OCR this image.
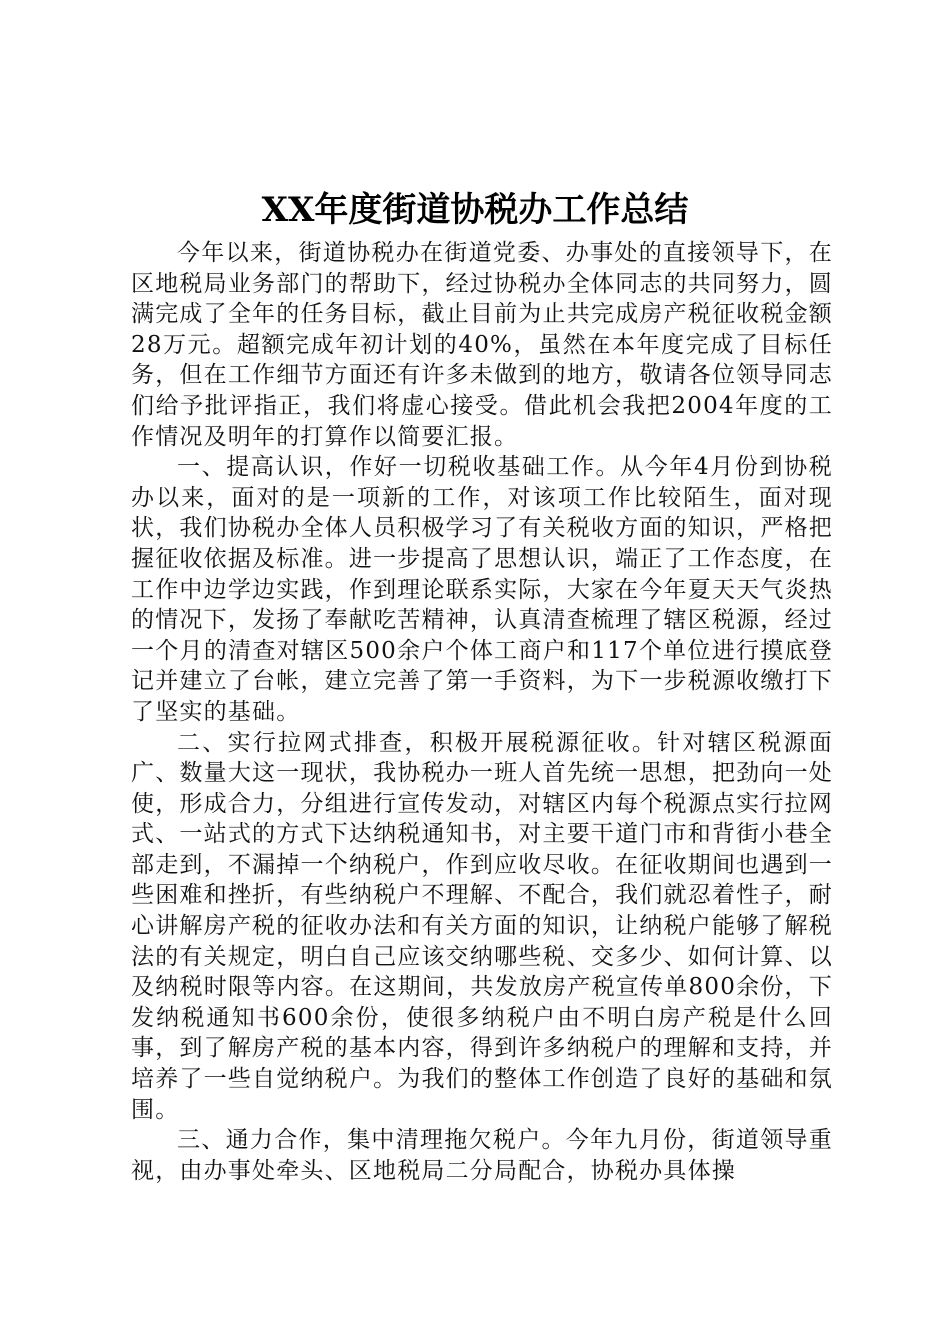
XX年度街道协税办工作总结

今年以来，街道协税办在街道党委、办事处的直接领导下，在区地税局业务部门的帮助下，经过协税办全体同志的共同努力，圆满完成了全年的任务目标，截止目前为止共完成房产税征收税金额28万元。超额完成年初计划的40%，虽然在本年度完成了目标任务，但在工作细节方面还有许多未做到的地方，敬请各位领导同志们给予批评指正，我们将虚心接受。借此机会我把2004年度的工作情况及明年的打算作以简要汇报。

一、提高认识，作好一切税收基础工作。从今年4月份到协税办以来，面对的是一项新的工作，对该项工作比较陌生，面对现状，我们协税办全体人员积极学习了有关税收方面的知识，严格把握征收依据及标准。进一步提高了思想认识，端正了工作态度，在工作中边学边实践，作到理论联系实际，大家在今年夏天天气炎热的情况下，发扬了奉献吃苦精神，认真清查梳理了辖区税源，经过一个月的清查对辖区500余户个体工商户和117个单位进行摸底登记并建立了台帐，建立完善了第一手资料，为下一步税源收缴打下了坚实的基础。

二、实行拉网式排查，积极开展税源征收。针对辖区税源面广、数量大这一现状，我协税办一班人首先统一思想，把劲向一处使，形成合力，分组进行宣传发动，对辖区内每个税源点实行拉网式、一站式的方式下达纳税通知书，对主要干道门市和背街小巷全部走到，不漏掉一个纳税户，作到应收尽收。在征收期间也遇到一些困难和挫折，有些纳税户不理解、不配合，我们就忍着性子，耐心讲解房产税的征收办法和有关方面的知识，让纳税户能够了解税法的有关规定，明白自己应该交纳哪些税、交多少、如何计算、以及纳税时限等内容。在这期间，共发放房产税宣传单800余份，下发纳税通知书600余份，使很多纳税户由不明白房产税是什么回事，到了解房产税的基本内容，得到许多纳税户的理解和支持，并培养了一些自觉纳税户。为我们的整体工作创造了良好的基础和氛围。

三、通力合作，集中清理拖欠税户。今年九月份，街道领导重视，由办事处牵头、区地税局二分局配合，协税办具体操
